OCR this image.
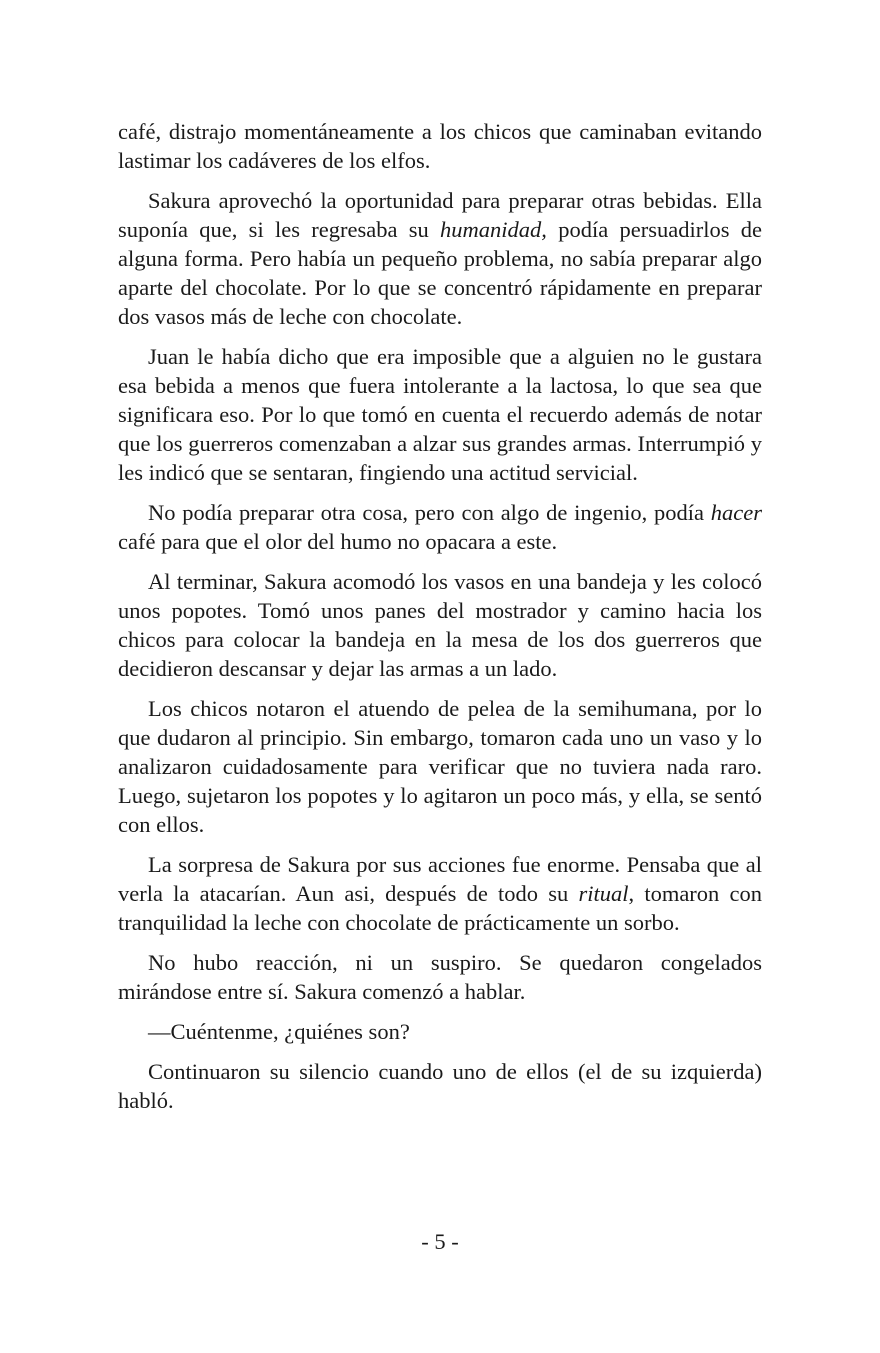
café, distrajo momentáneamente a los chicos que caminaban evitando lastimar los cadáveres de los elfos.

Sakura aprovechó la oportunidad para preparar otras bebidas. Ella suponía que, si les regresaba su humanidad, podía persuadirlos de alguna forma. Pero había un pequeño problema, no sabía preparar algo aparte del chocolate. Por lo que se concentró rápidamente en preparar dos vasos más de leche con chocolate.

Juan le había dicho que era imposible que a alguien no le gustara esa bebida a menos que fuera intolerante a la lactosa, lo que sea que significara eso. Por lo que tomó en cuenta el recuerdo además de notar que los guerreros comenzaban a alzar sus grandes armas. Interrumpió y les indicó que se sentaran, fingiendo una actitud servicial.

No podía preparar otra cosa, pero con algo de ingenio, podía hacer café para que el olor del humo no opacara a este.

Al terminar, Sakura acomodó los vasos en una bandeja y les colocó unos popotes. Tomó unos panes del mostrador y camino hacia los chicos para colocar la bandeja en la mesa de los dos guerreros que decidieron descansar y dejar las armas a un lado.

Los chicos notaron el atuendo de pelea de la semihumana, por lo que dudaron al principio. Sin embargo, tomaron cada uno un vaso y lo analizaron cuidadosamente para verificar que no tuviera nada raro. Luego, sujetaron los popotes y lo agitaron un poco más, y ella, se sentó con ellos.

La sorpresa de Sakura por sus acciones fue enorme. Pensaba que al verla la atacarían. Aun asi, después de todo su ritual, tomaron con tranquilidad la leche con chocolate de prácticamente un sorbo.

No hubo reacción, ni un suspiro. Se quedaron congelados mirándose entre sí. Sakura comenzó a hablar.

—Cuéntenme, ¿quiénes son?

Continuaron su silencio cuando uno de ellos (el de su izquierda) habló.

- 5 -
